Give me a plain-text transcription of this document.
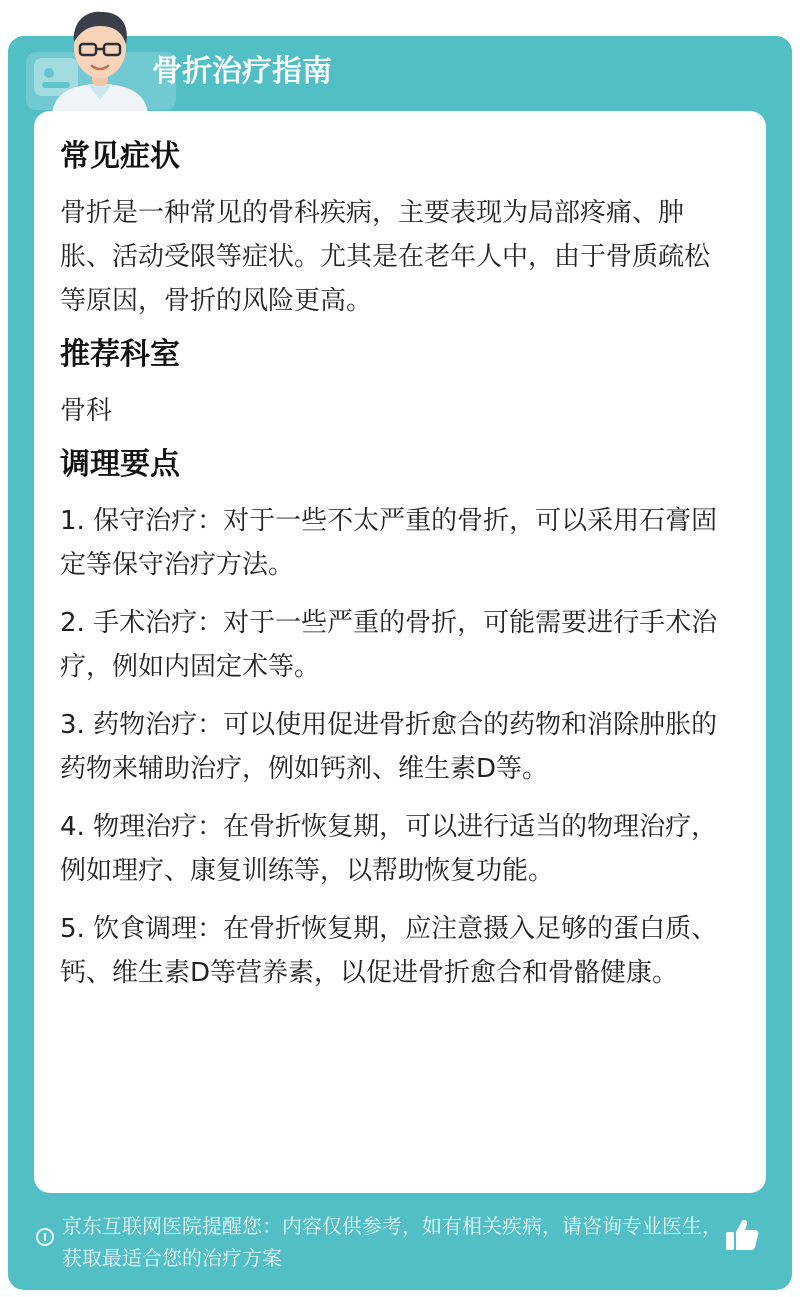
骨折治疗指南
常见症状
骨折是一种常见的骨科疾病，主要表现为局部疼痛、肿胀、活动受限等症状。尤其是在老年人中，由于骨质疏松等原因，骨折的风险更高。
推荐科室
骨科
调理要点
1. 保守治疗：对于一些不太严重的骨折，可以采用石膏固定等保守治疗方法。
2. 手术治疗：对于一些严重的骨折，可能需要进行手术治疗，例如内固定术等。
3. 药物治疗：可以使用促进骨折愈合的药物和消除肿胀的药物来辅助治疗，例如钙剂、维生素D等。
4. 物理治疗：在骨折恢复期，可以进行适当的物理治疗，例如理疗、康复训练等，以帮助恢复功能。
5. 饮食调理：在骨折恢复期，应注意摄入足够的蛋白质、钙、维生素D等营养素，以促进骨折愈合和骨骼健康。
京东互联网医院提醒您：内容仅供参考，如有相关疾病，请咨询专业医生，获取最适合您的治疗方案
